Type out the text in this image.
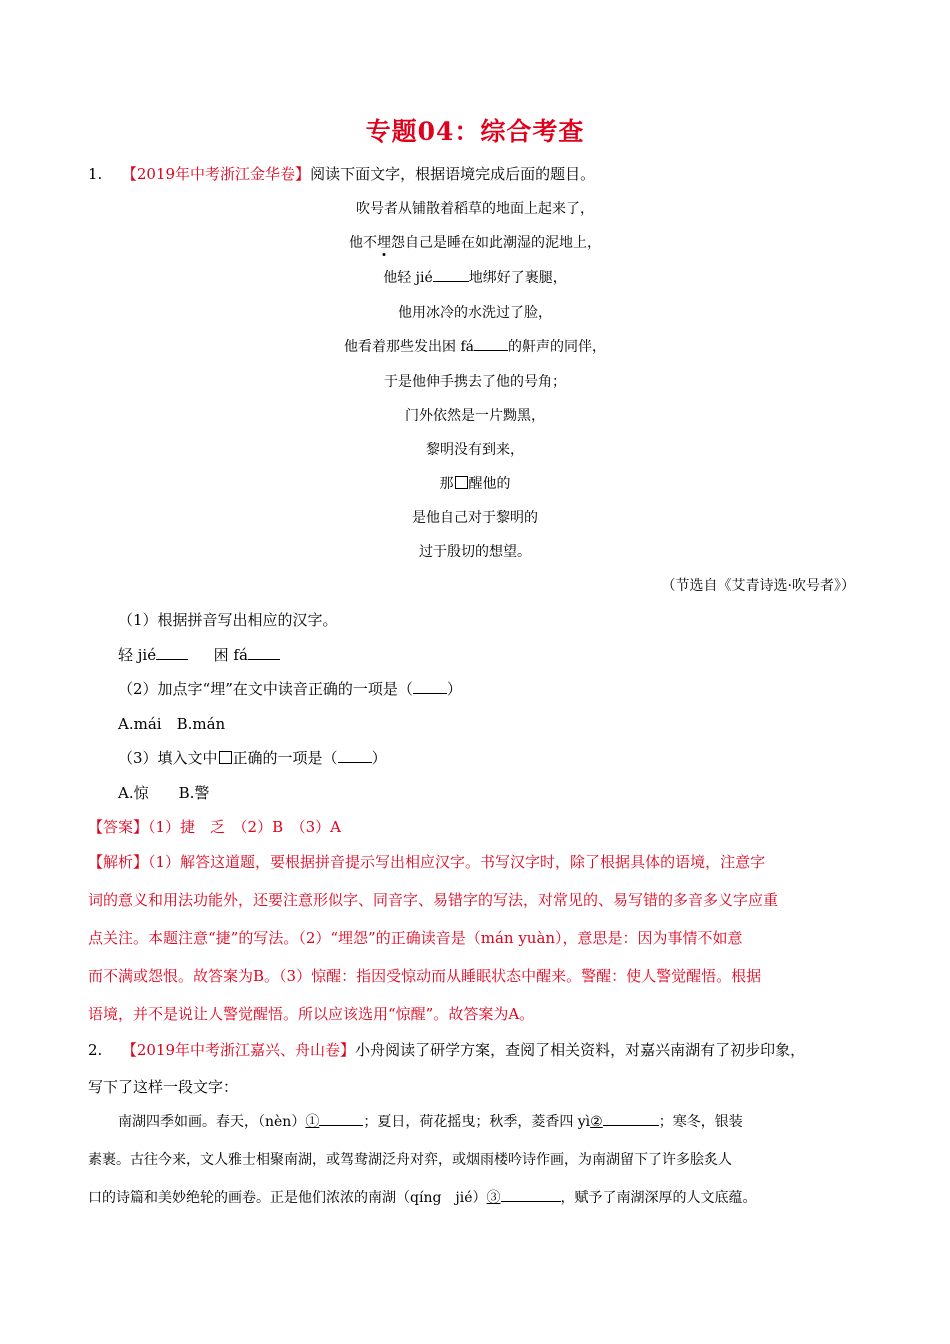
专题04：综合考查
1. 【2019年中考浙江金华卷】阅读下面文字，根据语境完成后面的题目。
吹号者从铺散着稻草的地面上起来了，
他不埋怨自己是睡在如此潮湿的泥地上，
他轻 jié	地绑好了裹腿，
他用冰冷的水洗过了脸，
他看着那些发出困 fá 的鼾声的同伴，
于是他伸手携去了他的号角；
门外依然是一片黝黑，
黎明没有到来，
那 醒他的
是他自己对于黎明的
过于殷切的想望。
（节选自《艾青诗选·吹号者》）
（1）根据拼音写出相应的汉字。
轻 jié	困 fá
（2）加点字“埋”在文中读音正确的一项是（ ）
A.mái　B.mán
（3）填入文中 正确的一项是（ ）
A.惊　　B.警
【答案】（1）捷　乏　（2）B　（3）A
【解析】（1）解答这道题，要根据拼音提示写出相应汉字。书写汉字时，除了根据具体的语境，注意字
词的意义和用法功能外，还要注意形似字、同音字、易错字的写法，对常见的、易写错的多音多义字应重
点关注。本题注意“捷”的写法。（2）“埋怨”的正确读音是（mán yuàn），意思是：因为事情不如意
而不满或怨恨。故答案为B。（3）惊醒：指因受惊动而从睡眠状态中醒来。警醒：使人警觉醒悟。根据
语境，并不是说让人警觉醒悟。所以应该选用“惊醒”。故答案为A。
2. 【2019年中考浙江嘉兴、舟山卷】小舟阅读了研学方案，查阅了相关资料，对嘉兴南湖有了初步印象，
写下了这样一段文字：
南湖四季如画。春天，（nèn）①	；夏日，荷花摇曳；秋季，菱香四 yì②	；寒冬，银装
素裹。古往今来，文人雅士相聚南湖，或驾鸯湖泛舟对弈，或烟雨楼吟诗作画，为南湖留下了许多脍炙人
口的诗篇和美妙绝轮的画卷。正是他们浓浓的南湖（qíng　jié）③	，赋予了南湖深厚的人文底蕴。
